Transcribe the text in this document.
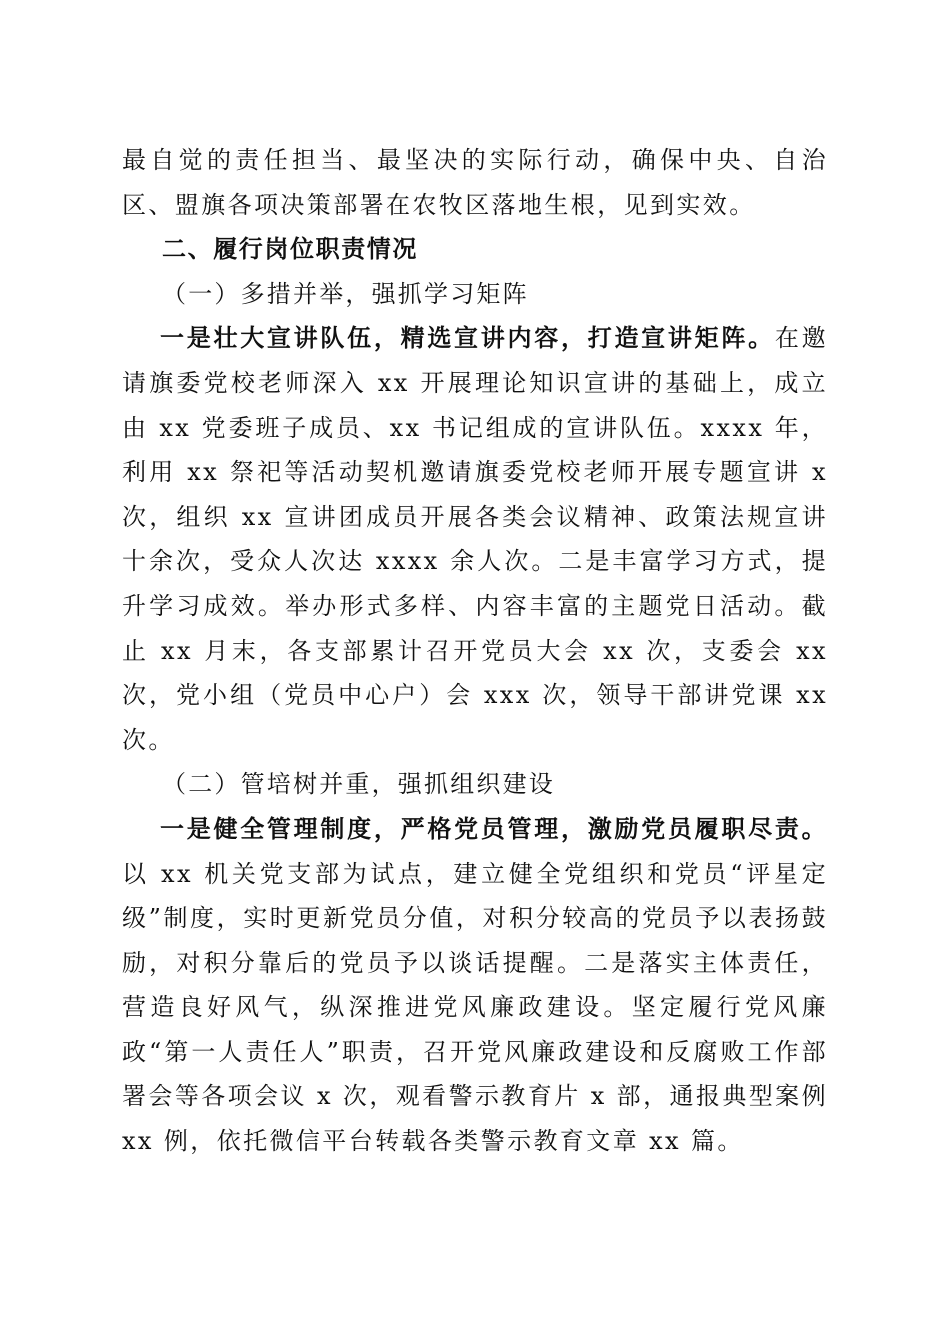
最自觉的责任担当、最坚决的实际行动，确保中央、自治区、盟旗各项决策部署在农牧区落地生根，见到实效。

二、履行岗位职责情况

（一）多措并举，强抓学习矩阵

一是壮大宣讲队伍，精选宣讲内容，打造宣讲矩阵。在邀请旗委党校老师深入 xx 开展理论知识宣讲的基础上，成立由 xx 党委班子成员、xx 书记组成的宣讲队伍。xxxx 年，利用 xx 祭祀等活动契机邀请旗委党校老师开展专题宣讲 x 次，组织 xx 宣讲团成员开展各类会议精神、政策法规宣讲十余次，受众人次达 xxxx 余人次。二是丰富学习方式，提升学习成效。举办形式多样、内容丰富的主题党日活动。截止 xx 月末，各支部累计召开党员大会 xx 次，支委会 xx 次，党小组（党员中心户）会 xxx 次，领导干部讲党课 xx 次。

（二）管培树并重，强抓组织建设

一是健全管理制度，严格党员管理，激励党员履职尽责。以 xx 机关党支部为试点，建立健全党组织和党员“评星定级”制度，实时更新党员分值，对积分较高的党员予以表扬鼓励，对积分靠后的党员予以谈话提醒。二是落实主体责任，营造良好风气，纵深推进党风廉政建设。坚定履行党风廉政“第一人责任人”职责，召开党风廉政建设和反腐败工作部署会等各项会议 x 次，观看警示教育片 x 部，通报典型案例 xx 例，依托微信平台转载各类警示教育文章 xx 篇。
